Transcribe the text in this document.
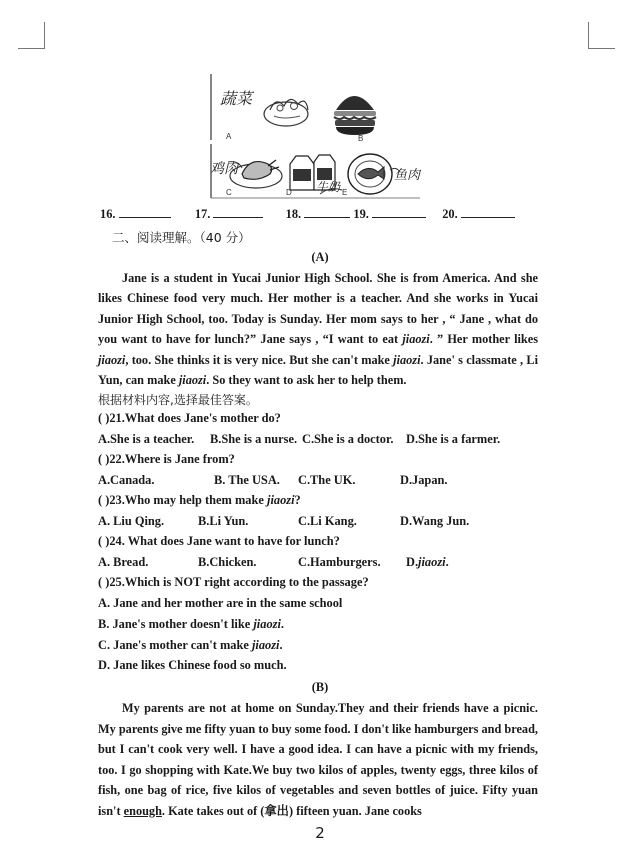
蔬菜
鸡肉
牛奶
鱼肉
A	B
C	D	E
16.	17.	18.	19.	20.
二、阅读理解。（40 分）
(A)

Jane is a student in Yucai Junior High School. She is from America. And she likes Chinese food very much. Her mother is a teacher. And she works in Yucai Junior High School, too. Today is Sunday. Her mom says to her , “ Jane , what do you want to have for lunch?” Jane says , “I want to eat jiaozi. ” Her mother likes jiaozi, too. She thinks it is very nice. But she can't make jiaozi. Jane' s classmate , Li Yun, can make jiaozi. So they want to ask her to help them.

根据材料内容,选择最佳答案。
( )21.What does Jane's mother do?
A.She is a teacher. B.She is a nurse. C.She is a doctor. D.She is a farmer.
( )22.Where is Jane from?
A.Canada.	B. The USA. C.The UK.	D.Japan.
( )23.Who may help them make jiaozi?
A. Liu Qing.	B.Li Yun.	C.Li Kang.	D.Wang Jun.
( )24. What does Jane want to have for lunch?
A. Bread.	B.Chicken.	C.Hamburgers. D.jiaozi.
( )25.Which is NOT right according to the passage?
A. Jane and her mother are in the same school
B. Jane's mother doesn't like jiaozi.
C. Jane's mother can't make jiaozi.
D. Jane likes Chinese food so much.
(B)

My parents are not at home on Sunday.They and their friends have a picnic. My parents give me fifty yuan to buy some food. I don't like hamburgers and bread, but I can't cook very well. I have a good idea. I can have a picnic with my friends, too. I go shopping with Kate.We buy two kilos of apples, twenty eggs, three kilos of fish, one bag of rice, five kilos of vegetables and seven bottles of juice. Fifty yuan isn't enough. Kate takes out of (拿出) fifteen yuan. Jane cooks

2
